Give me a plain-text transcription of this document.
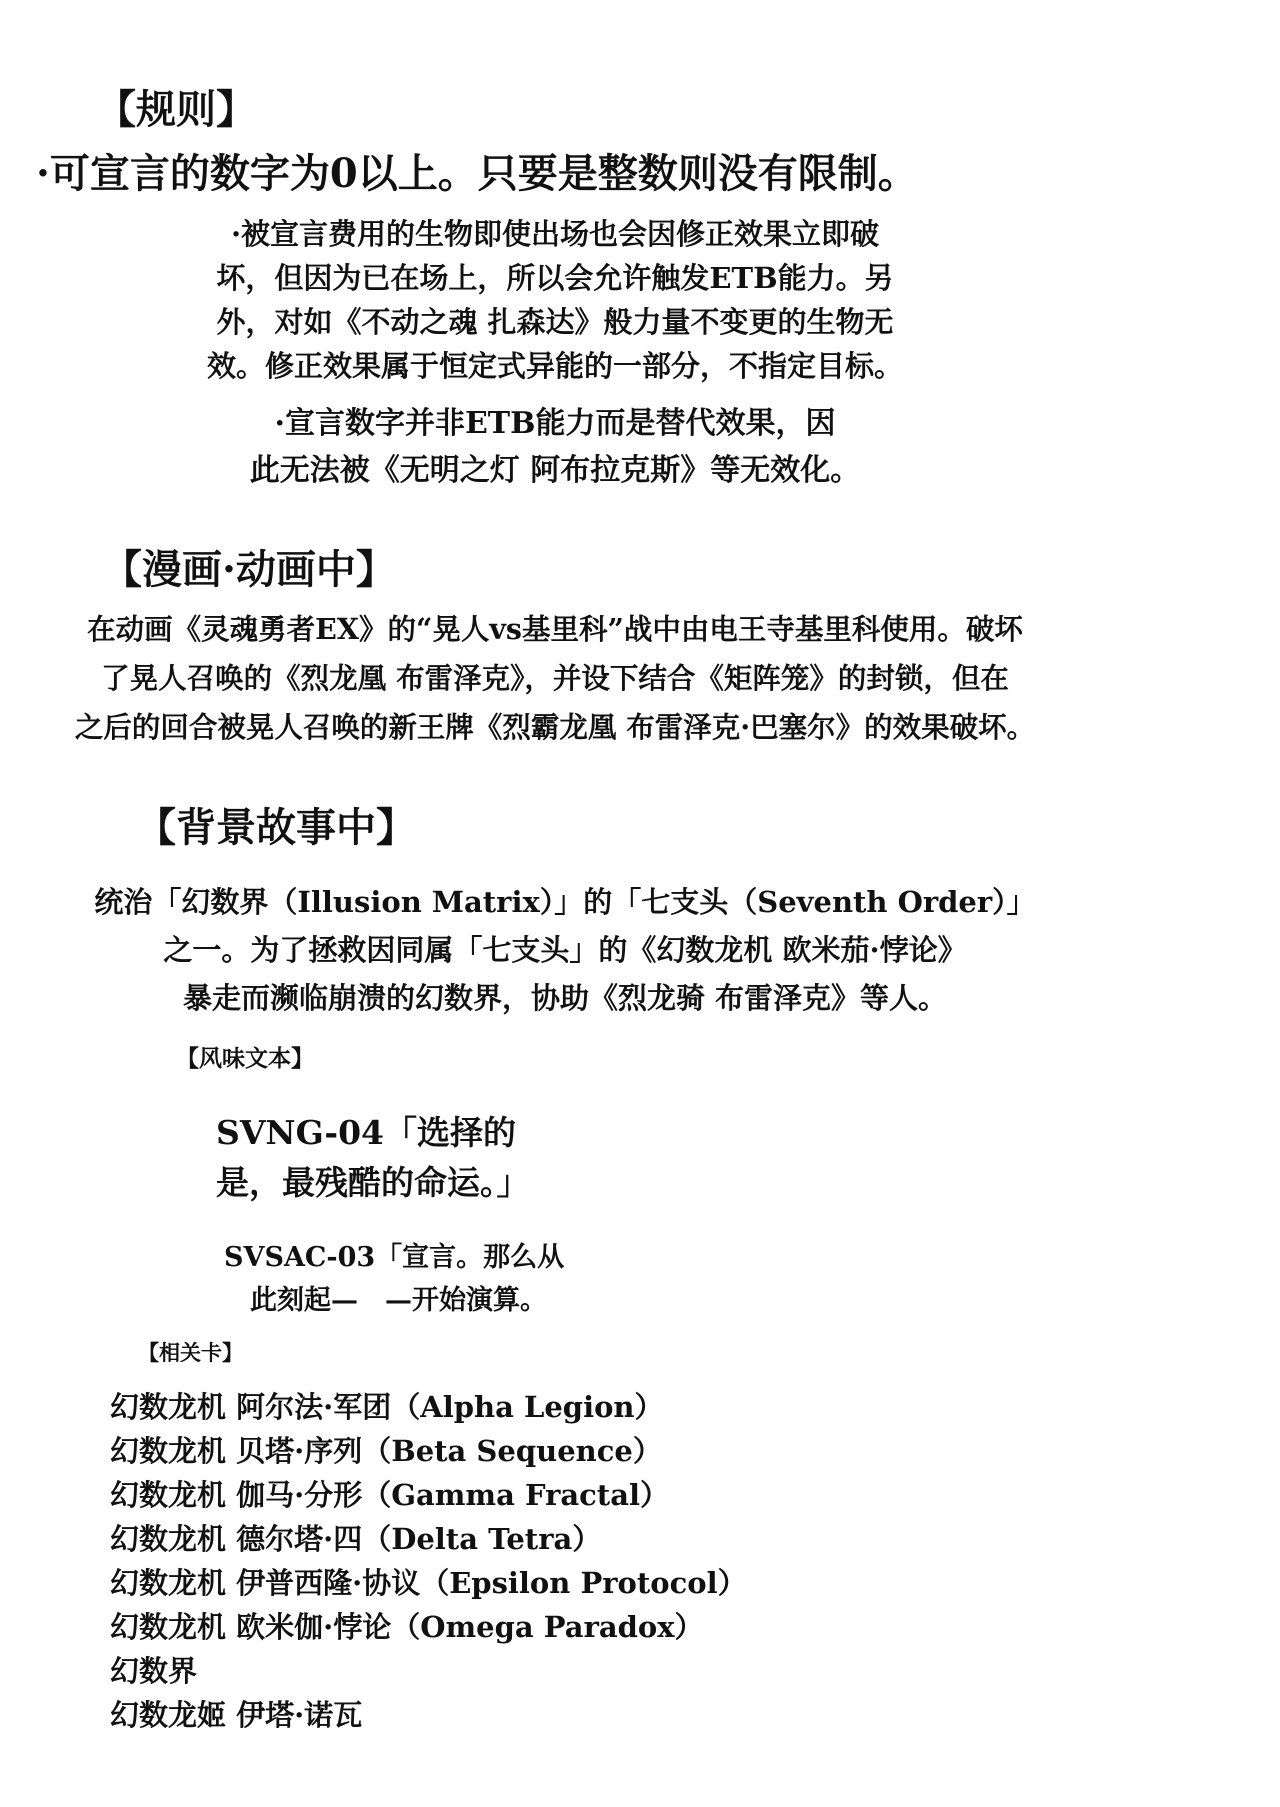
【规则】
·可宣言的数字为0以上。只要是整数则没有限制。
·被宣言费用的生物即使出场也会因修正效果立即破
坏，但因为已在场上，所以会允许触发ETB能力。另
外，对如《不动之魂 扎森达》般力量不变更的生物无
效。修正效果属于恒定式异能的一部分，不指定目标。
·宣言数字并非ETB能力而是替代效果，因
此无法被《无明之灯 阿布拉克斯》等无效化。
【漫画·动画中】
在动画《灵魂勇者EX》的“晃人vs基里科”战中由电王寺基里科使用。破坏
了晃人召唤的《烈龙凰 布雷泽克》，并设下结合《矩阵笼》的封锁，但在
之后的回合被晃人召唤的新王牌《烈霸龙凰 布雷泽克·巴塞尔》的效果破坏。
【背景故事中】
统治「幻数界（Illusion Matrix）」的「七支头（Seventh Order）」
之一。为了拯救因同属「七支头」的《幻数龙机 欧米茄·悖论》
暴走而濒临崩溃的幻数界，协助《烈龙骑 布雷泽克》等人。
【风味文本】
SVNG-04「选择的
是，最残酷的命运。」
SVSAC-03「宣言。那么从
此刻起—　—开始演算。
【相关卡】
幻数龙机 阿尔法·军团（Alpha Legion）
幻数龙机 贝塔·序列（Beta Sequence）
幻数龙机 伽马·分形（Gamma Fractal）
幻数龙机 德尔塔·四（Delta Tetra）
幻数龙机 伊普西隆·协议（Epsilon Protocol）
幻数龙机 欧米伽·悖论（Omega Paradox）
幻数界
幻数龙姬 伊塔·诺瓦
